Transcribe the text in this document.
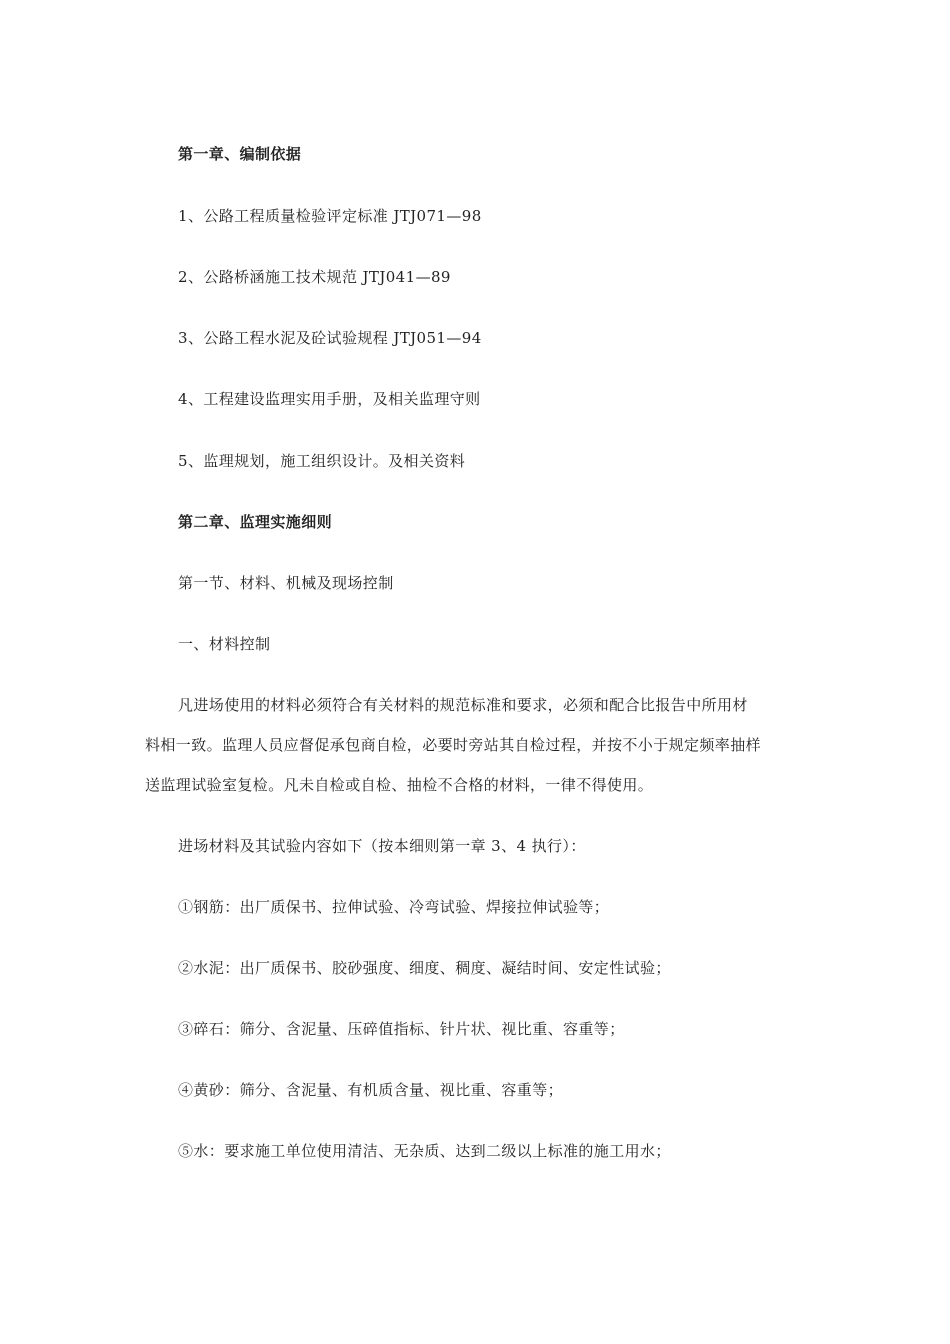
第一章、编制依据
1、公路工程质量检验评定标准 JTJ071—98
2、公路桥涵施工技术规范 JTJ041—89
3、公路工程水泥及砼试验规程 JTJ051—94
4、工程建设监理实用手册，及相关监理守则
5、监理规划，施工组织设计。及相关资料
第二章、监理实施细则
第一节、材料、机械及现场控制
一、材料控制
凡进场使用的材料必须符合有关材料的规范标准和要求，必须和配合比报告中所用材
料相一致。监理人员应督促承包商自检，必要时旁站其自检过程，并按不小于规定频率抽样
送监理试验室复检。凡未自检或自检、抽检不合格的材料，一律不得使用。
进场材料及其试验内容如下（按本细则第一章 3、4 执行）：
①钢筋：出厂质保书、拉伸试验、冷弯试验、焊接拉伸试验等；
②水泥：出厂质保书、胶砂强度、细度、稠度、凝结时间、安定性试验；
③碎石：筛分、含泥量、压碎值指标、针片状、视比重、容重等；
④黄砂：筛分、含泥量、有机质含量、视比重、容重等；
⑤水：要求施工单位使用清洁、无杂质、达到二级以上标准的施工用水；
